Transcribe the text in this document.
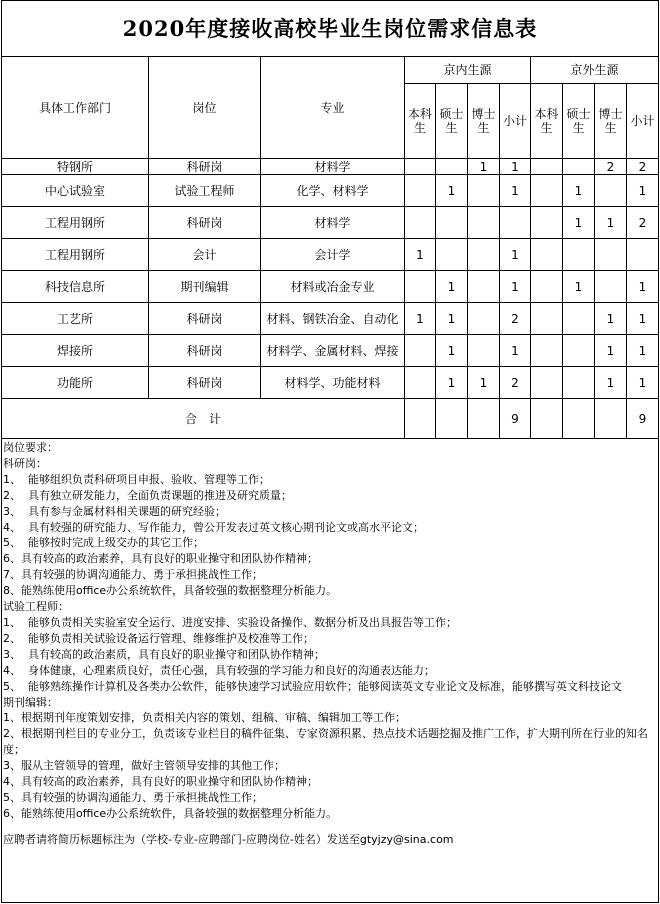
2020年度接收高校毕业生岗位需求信息表
具体工作部门	岗位	专业	京内生源				京外生源			
			本科生	硕士生	博士生	小计	本科生	硕士生	博士生	小计
特钢所	科研岗	材料学			1	1			2	2
中心试验室	试验工程师	化学、材料学		1		1		1		1
工程用钢所	科研岗	材料学						1	1	2
工程用钢所	会计	会计学	1			1				
科技信息所	期刊编辑	材料或冶金专业		1		1		1		1
工艺所	科研岗	材料、钢铁冶金、自动化	1	1		2			1	1
焊接所	科研岗	材料学、金属材料、焊接		1		1			1	1
功能所	科研岗	材料学、功能材料		1	1	2			1	1
合　计						9				9
岗位要求：
科研岗：
1、  能够组织负责科研项目申报、验收、管理等工作；
2、  具有独立研发能力，全面负责课题的推进及研究质量；
3、  具有参与金属材料相关课题的研究经验；
4、  具有较强的研究能力、写作能力，曾公开发表过英文核心期刊论文或高水平论文；
5、  能够按时完成上级交办的其它工作；
6、具有较高的政治素养，具有良好的职业操守和团队协作精神；
7、具有较强的协调沟通能力、勇于承担挑战性工作；
8、能熟练使用office办公系统软件，具备较强的数据整理分析能力。
试验工程师：
1、  能够负责相关实验室安全运行、进度安排、实验设备操作、数据分析及出具报告等工作；
2、  能够负责相关试验设备运行管理、维修维护及校准等工作；
3、  具有较高的政治素质，具有良好的职业操守和团队协作精神；
4、  身体健康，心理素质良好，责任心强，具有较强的学习能力和良好的沟通表达能力；
5、  能够熟练操作计算机及各类办公软件，能够快速学习试验应用软件；能够阅读英文专业论文及标准，能够撰写英文科技论文
期刊编辑：
1、根据期刊年度策划安排，负责相关内容的策划、组稿、审稿、编辑加工等工作；
2、根据期刊栏目的专业分工，负责该专业栏目的稿件征集、专家资源积累、热点技术话题挖掘及推广工作，扩大期刊所在行业的知名度；
3、服从主管领导的管理，做好主管领导安排的其他工作；
4、具有较高的政治素养，具有良好的职业操守和团队协作精神；
5、具有较强的协调沟通能力、勇于承担挑战性工作；
6、能熟练使用office办公系统软件，具备较强的数据整理分析能力。
应聘者请将简历标题标注为（学校-专业-应聘部门-应聘岗位-姓名）发送至gtyjzy@sina.com
